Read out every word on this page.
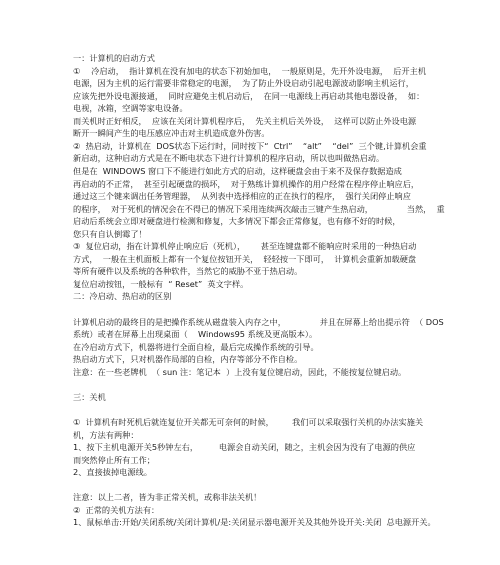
一：计算机的启动方式
①　 冷启动，  指计算机在没有加电的状态下初始加电，  一般原则是，先开外设电源，  后开主机
电源，因为主机的运行需要非常稳定的电源，  为了防止外设启动引起电源波动影响主机运行，
应该先把外设电源接通，  同时应避免主机启动后，  在同一电源线上再启动其他电器设备，  如：
电视，冰箱，空调等家电设备。
而关机时正好相反，  应该在关闭计算机程序后，  先关主机后关外设，  这样可以防止外设电源
断开一瞬间产生的电压感应冲击对主机造成意外伤害。
②  热启动，计算机在  DOS状态下运行时，同时按下“  Ctrl”    “alt”    “del”  三个键,计算机会重
新启动，这种启动方式是在不断电状态下进行计算机的程序启动，所以也叫做热启动。
但是在  WINDOWS 窗口下不能进行如此方式的启动，这样硬盘会由于来不及保存数据造成
再启动的不正常，  甚至引起硬盘的损坏，  对于熟练计算机操作的用户经常在程序停止响应后，
通过这三个键来调出任务管理器，  从列表中选择相应的正在执行的程序，  强行关闭停止响应
的程序，  对于死机的情况会在不得已的情况下采用连续两次敲击三键产生热启动，             当然，  重
启动后系统会立即对硬盘进行检测和修复，大多情况下都会正常修复，也有修不好的时候，
您只有自认倒霉了！
③  复位启动，指在计算机停止响应后（死机），      甚至连键盘都不能响应时采用的一种热启动
方式，  一般在主机面板上都有一个复位按钮开关，  轻轻按一下即可，  计算机会重新加载硬盘
等所有硬件以及系统的各种软件，当然它的威胁不亚于热启动。
复位启动按钮，一般标有  “ Reset”  英文字样。
二：冷启动、热启动的区别
计算机启动的最终目的是把操作系统从磁盘装入内存之中，             并且在屏幕上给出提示符  （ DOS
系统）或者在屏幕上出现桌面（    Windows95 系统及更高版本）。
在冷启动方式下，机器将进行全面自检，最后完成操作系统的引导。
热启动方式下，只对机器作局部的自检，内存等部分不作自检。
注意：在一些老牌机  （ sun 注：笔记本  ）上没有复位键启动，因此，不能按复位键启动。
三：关机
①  计算机有时死机后就连复位开关都无可奈何的时候，       我们可以采取强行关机的办法实施关
机，方法有两种：
1、按下主机电源开关5秒钟左右，        电源会自动关闭，随之，主机会因为没有了电源的供应
而突然停止所有工作；
2、直接拔掉电源线。
注意：以上二者，皆为非正常关机，或称非法关机！
②  正常的关机方法有：
1、鼠标单击:开始/关闭系统/关闭计算机/是:关闭显示器电源开关及其他外设开关:关闭  总电源开关。
